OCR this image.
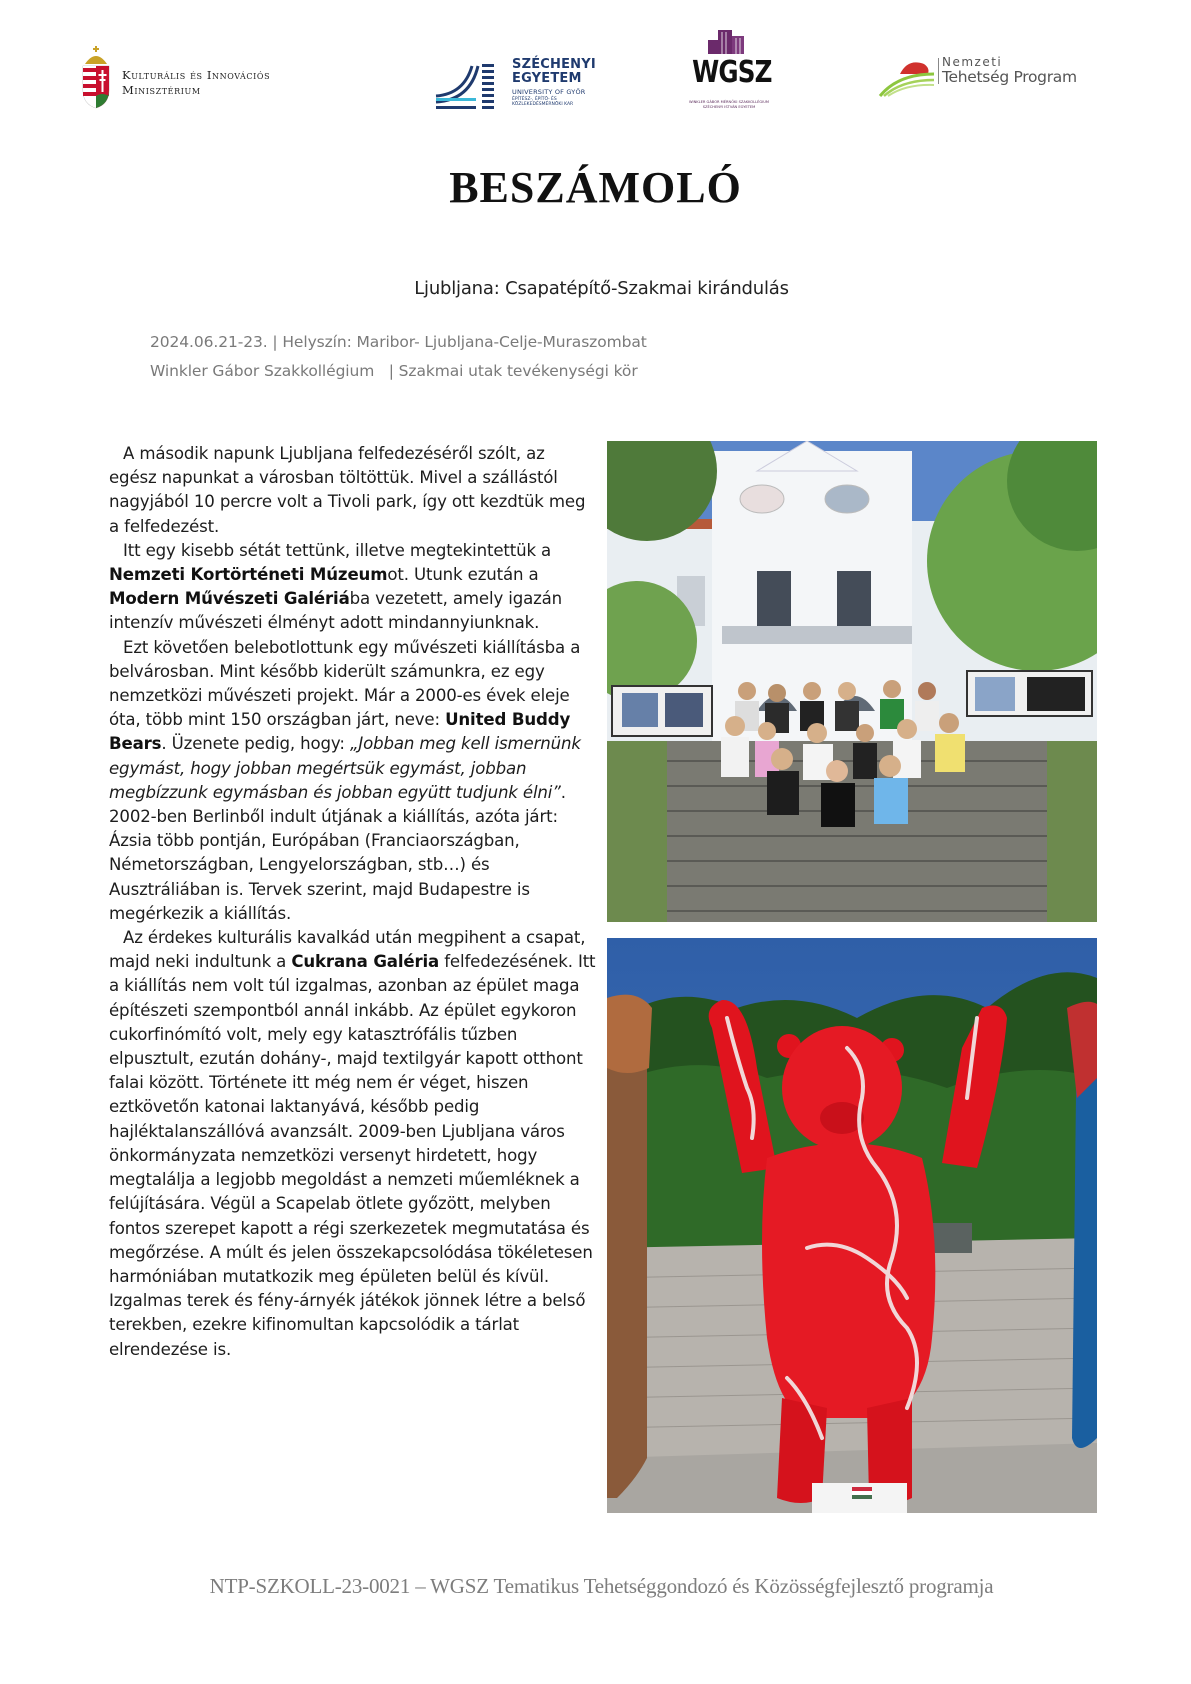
Kulturális és Innovációs
Minisztérium
SZÉCHENYI
EGYETEM
UNIVERSITY OF GYŐR
ÉPÍTÉSZ-, ÉPÍTŐ- ÉS
KÖZLEKEDÉSMÉRNÖKI KAR
WGSZ
WINKLER GÁBOR MÉRNÖKI SZAKKOLLÉGIUM
SZÉCHENYI ISTVÁN EGYETEM
Nemzeti
Tehetség Program
BESZÁMOLÓ
Ljubljana: Csapatépítő-Szakmai kirándulás
2024.06.21-23. | Helyszín: Maribor- Ljubljana-Celje-Muraszombat
Winkler Gábor Szakkollégium   | Szakmai utak tevékenységi kör

A második napunk Ljubljana felfedezéséről szólt, az egész napunkat a városban töltöttük. Mivel a szállástól nagyjából 10 percre volt a Tivoli park, így ott kezdtük meg a felfedezést.

Itt egy kisebb sétát tettünk, illetve megtekintettük a Nemzeti Kortörténeti Múzeumot. Utunk ezután a Modern Művészeti Galériába vezetett, amely igazán intenzív művészeti élményt adott mindannyiunknak.

Ezt követően belebotlottunk egy művészeti kiállításba a belvárosban. Mint később kiderült számunkra, ez egy nemzetközi művészeti projekt. Már a 2000-es évek eleje óta, több mint 150 országban járt, neve: United Buddy Bears. Üzenete pedig, hogy: „Jobban meg kell ismernünk egymást, hogy jobban megértsük egymást, jobban megbízzunk egymásban és jobban együtt tudjunk élni”. 2002-ben Berlinből indult útjának a kiállítás, azóta járt: Ázsia több pontján, Európában (Franciaországban, Németországban, Lengyelországban, stb…) és Ausztráliában is. Tervek szerint, majd Budapestre is megérkezik a kiállítás.

Az érdekes kulturális kavalkád után megpihent a csapat, majd neki indultunk a Cukrana Galéria felfedezésének. Itt a kiállítás nem volt túl izgalmas, azonban az épület maga építészeti szempontból annál inkább. Az épület egykoron cukorfinómító volt, mely egy katasztrófális tűzben elpusztult, ezután dohány-, majd textilgyár kapott otthont falai között. Története itt még nem ér véget, hiszen eztkövetőn katonai laktanyává, később pedig hajléktalanszállóvá avanzsált. 2009-ben Ljubljana város önkormányzata nemzetközi versenyt hirdetett, hogy megtalálja a legjobb megoldást a nemzeti műemléknek a felújítására. Végül a Scapelab ötlete győzött, melyben fontos szerepet kapott a régi szerkezetek megmutatása és megőrzése. A múlt és jelen összekapcsolódása tökéletesen harmóniában mutatkozik meg épületen belül és kívül. Izgalmas terek és fény-árnyék játékok jönnek létre a belső terekben, ezekre kifinomultan kapcsolódik a tárlat elrendezése is.

NTP-SZKOLL-23-0021 – WGSZ Tematikus Tehetséggondozó és Közösségfejlesztő programja
